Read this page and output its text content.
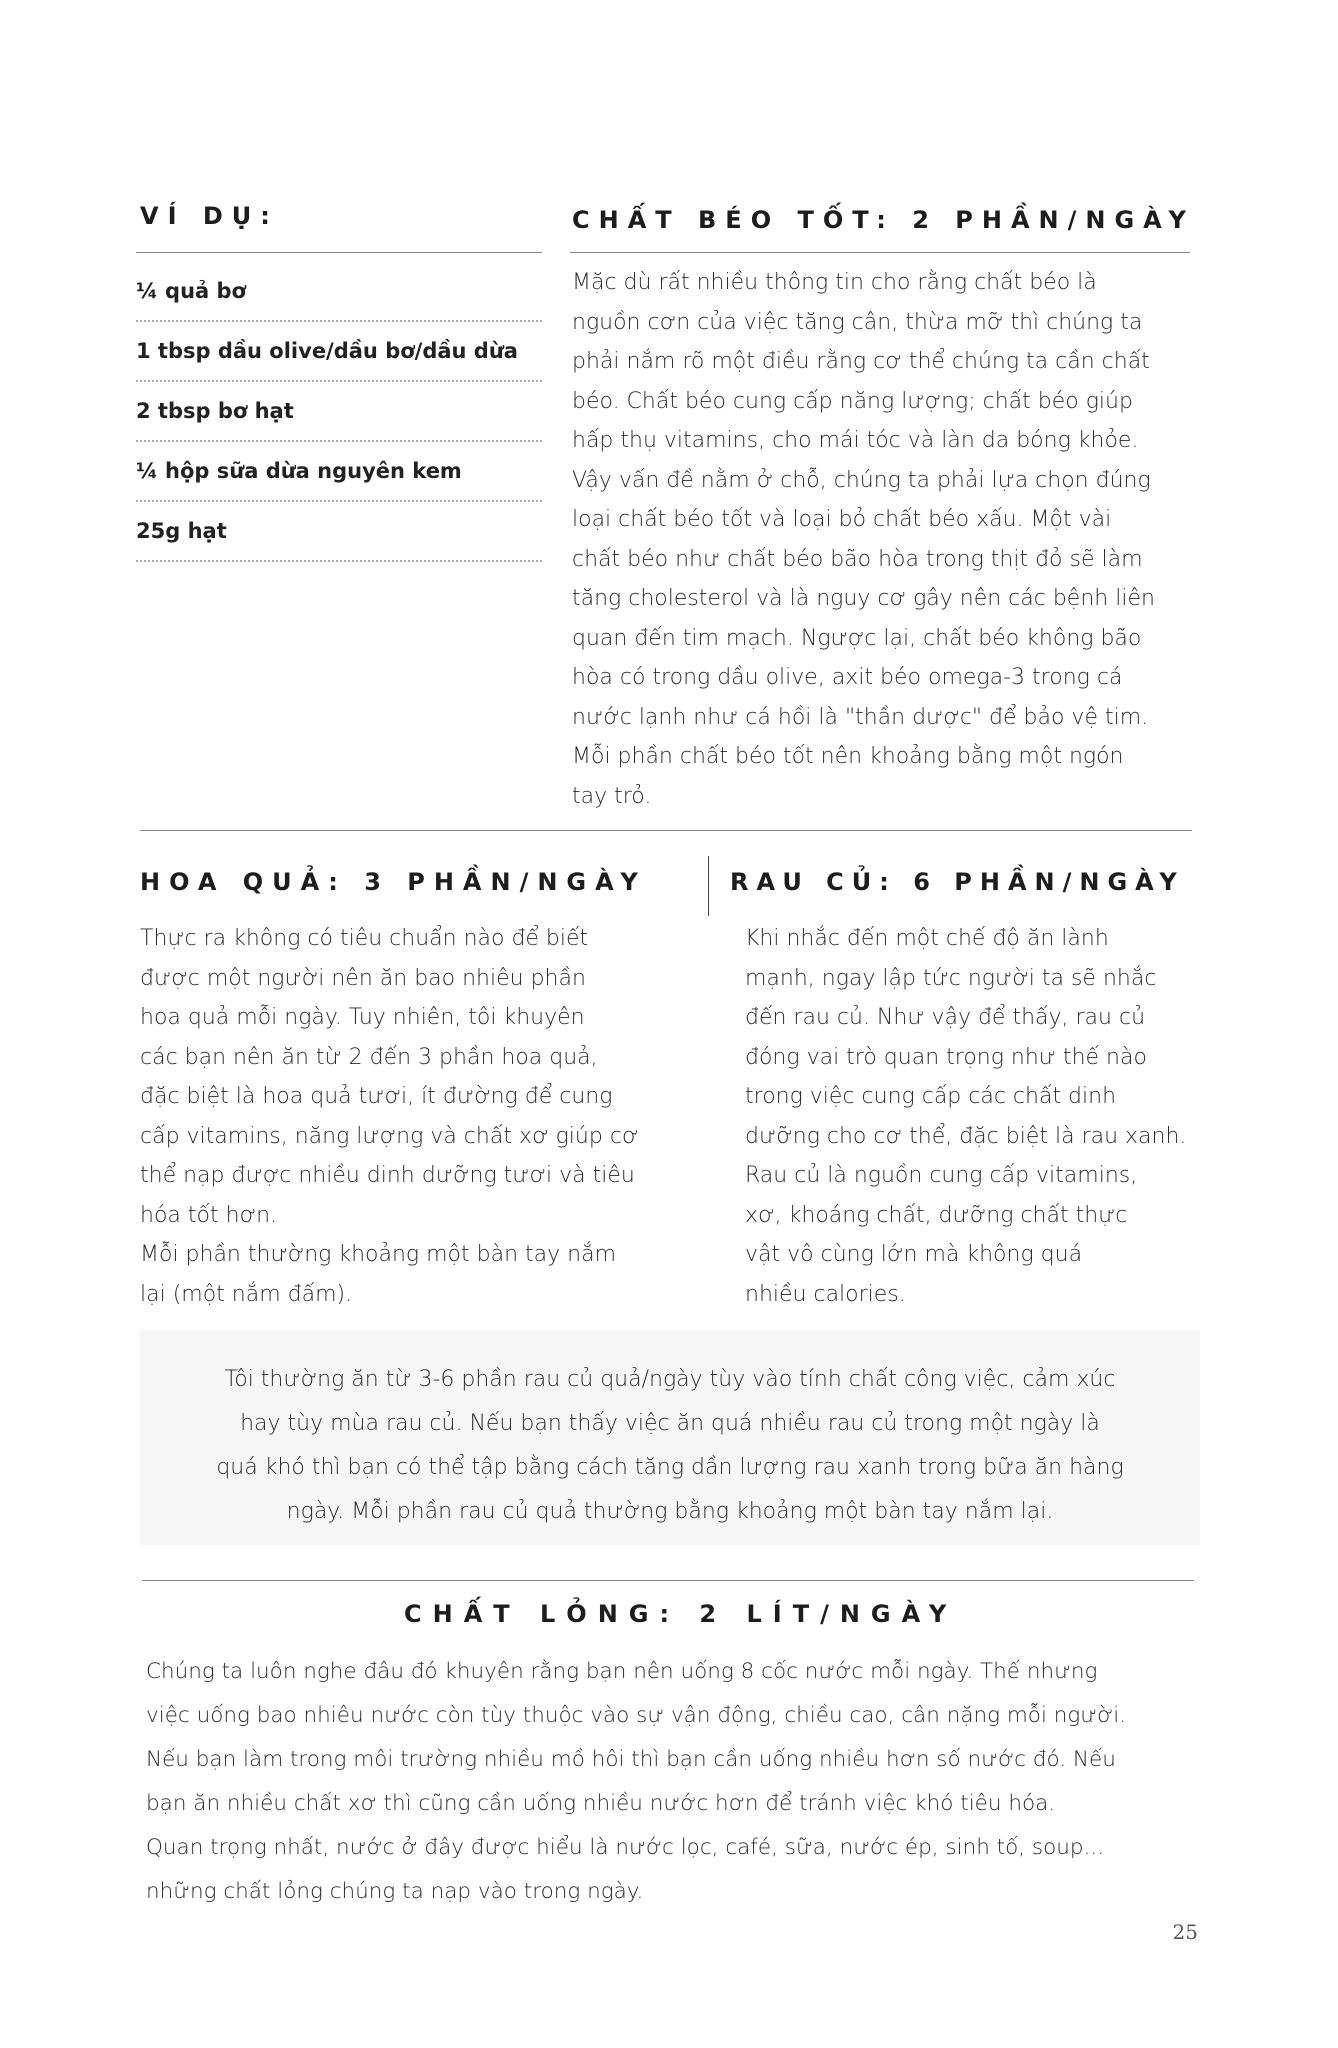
VÍ DỤ:
¼ quả bơ
1 tbsp dầu olive/dầu bơ/dầu dừa
2 tbsp bơ hạt
¼ hộp sữa dừa nguyên kem
25g hạt
CHẤT BÉO TỐT: 2 PHẦN/NGÀY
Mặc dù rất nhiều thông tin cho rằng chất béo là
nguồn cơn của việc tăng cân, thừa mỡ thì chúng ta
phải nắm rõ một điều rằng cơ thể chúng ta cần chất
béo. Chất béo cung cấp năng lượng; chất béo giúp
hấp thụ vitamins, cho mái tóc và làn da bóng khỏe.
Vậy vấn đề nằm ở chỗ, chúng ta phải lựa chọn đúng
loại chất béo tốt và loại bỏ chất béo xấu. Một vài
chất béo như chất béo bão hòa trong thịt đỏ sẽ làm
tăng cholesterol và là nguy cơ gây nên các bệnh liên
quan đến tim mạch. Ngược lại, chất béo không bão
hòa có trong dầu olive, axit béo omega-3 trong cá
nước lạnh như cá hồi là "thần dược" để bảo vệ tim.
Mỗi phần chất béo tốt nên khoảng bằng một ngón
tay trỏ.
HOA QUẢ: 3 PHẦN/NGÀY
Thực ra không có tiêu chuẩn nào để biết
được một người nên ăn bao nhiêu phần
hoa quả mỗi ngày. Tuy nhiên, tôi khuyên
các bạn nên ăn từ 2 đến 3 phần hoa quả,
đặc biệt là hoa quả tươi, ít đường để cung
cấp vitamins, năng lượng và chất xơ giúp cơ
thể nạp được nhiều dinh dưỡng tươi và tiêu
hóa tốt hơn.
Mỗi phần thường khoảng một bàn tay nắm
lại (một nắm đấm).
RAU CỦ: 6 PHẦN/NGÀY
Khi nhắc đến một chế độ ăn lành
mạnh, ngay lập tức người ta sẽ nhắc
đến rau củ. Như vậy để thấy, rau củ
đóng vai trò quan trọng như thế nào
trong việc cung cấp các chất dinh
dưỡng cho cơ thể, đặc biệt là rau xanh.
Rau củ là nguồn cung cấp vitamins,
xơ, khoáng chất, dưỡng chất thực
vật vô cùng lớn mà không quá
nhiều calories.
Tôi thường ăn từ 3-6 phần rau củ quả/ngày tùy vào tính chất công việc, cảm xúc
hay tùy mùa rau củ. Nếu bạn thấy việc ăn quá nhiều rau củ trong một ngày là
quá khó thì bạn có thể tập bằng cách tăng dần lượng rau xanh trong bữa ăn hàng
ngày. Mỗi phần rau củ quả thường bằng khoảng một bàn tay nắm lại.
CHẤT LỎNG: 2 LÍT/NGÀY
Chúng ta luôn nghe đâu đó khuyên rằng bạn nên uống 8 cốc nước mỗi ngày. Thế nhưng
việc uống bao nhiêu nước còn tùy thuộc vào sự vận động, chiều cao, cân nặng mỗi người.
Nếu bạn làm trong môi trường nhiều mồ hôi thì bạn cần uống nhiều hơn số nước đó. Nếu
bạn ăn nhiều chất xơ thì cũng cần uống nhiều nước hơn để tránh việc khó tiêu hóa.
Quan trọng nhất, nước ở đây được hiểu là nước lọc, café, sữa, nước ép, sinh tố, soup...
những chất lỏng chúng ta nạp vào trong ngày.
25
